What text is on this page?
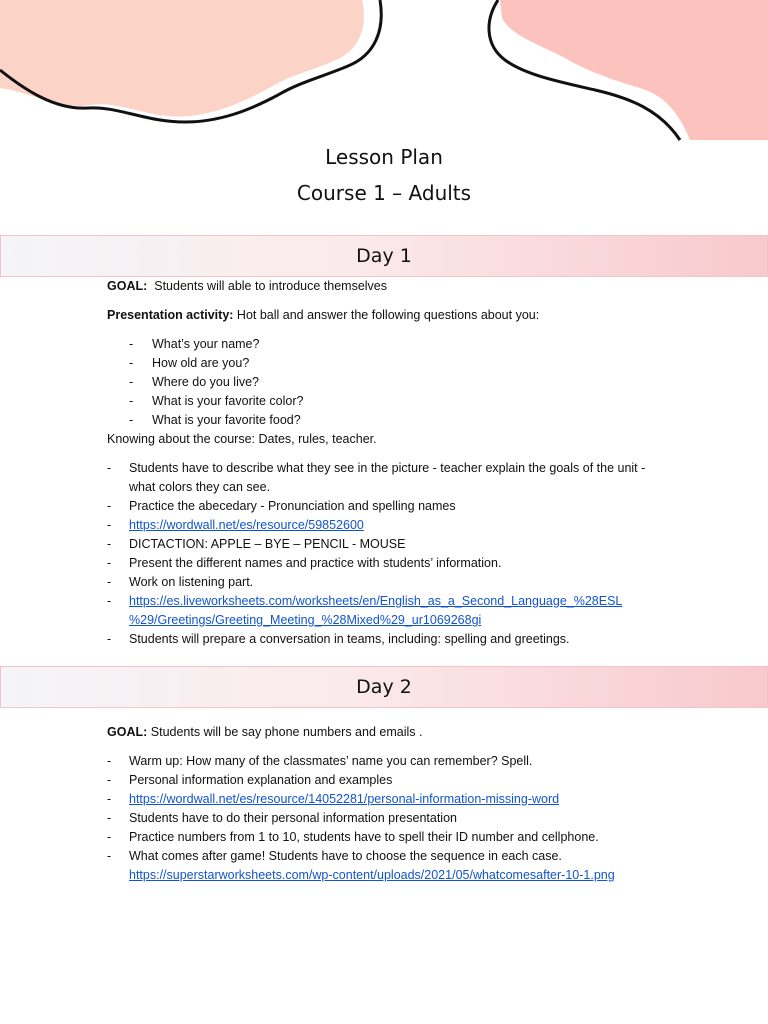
Lesson Plan
Course 1 – Adults
Day 1
GOAL: Students will able to introduce themselves
Presentation activity: Hot ball and answer the following questions about you:
- What’s your name?
- How old are you?
- Where do you live?
- What is your favorite color?
- What is your favorite food?
Knowing about the course: Dates, rules, teacher.
- Students have to describe what they see in the picture - teacher explain the goals of the unit -
what colors they can see.
- Practice the abecedary - Pronunciation and spelling names
- https://wordwall.net/es/resource/59852600
- DICTACTION: APPLE – BYE – PENCIL - MOUSE
- Present the different names and practice with students’ information.
- Work on listening part.
- https://es.liveworksheets.com/worksheets/en/English_as_a_Second_Language_%28ESL
%29/Greetings/Greeting_Meeting_%28Mixed%29_ur1069268gi
- Students will prepare a conversation in teams, including: spelling and greetings.
Day 2
GOAL: Students will be say phone numbers and emails .
- Warm up: How many of the classmates’ name you can remember? Spell.
- Personal information explanation and examples
- https://wordwall.net/es/resource/14052281/personal-information-missing-word
- Students have to do their personal information presentation
- Practice numbers from 1 to 10, students have to spell their ID number and cellphone.
- What comes after game! Students have to choose the sequence in each case.
https://superstarworksheets.com/wp-content/uploads/2021/05/whatcomesafter-10-1.png
